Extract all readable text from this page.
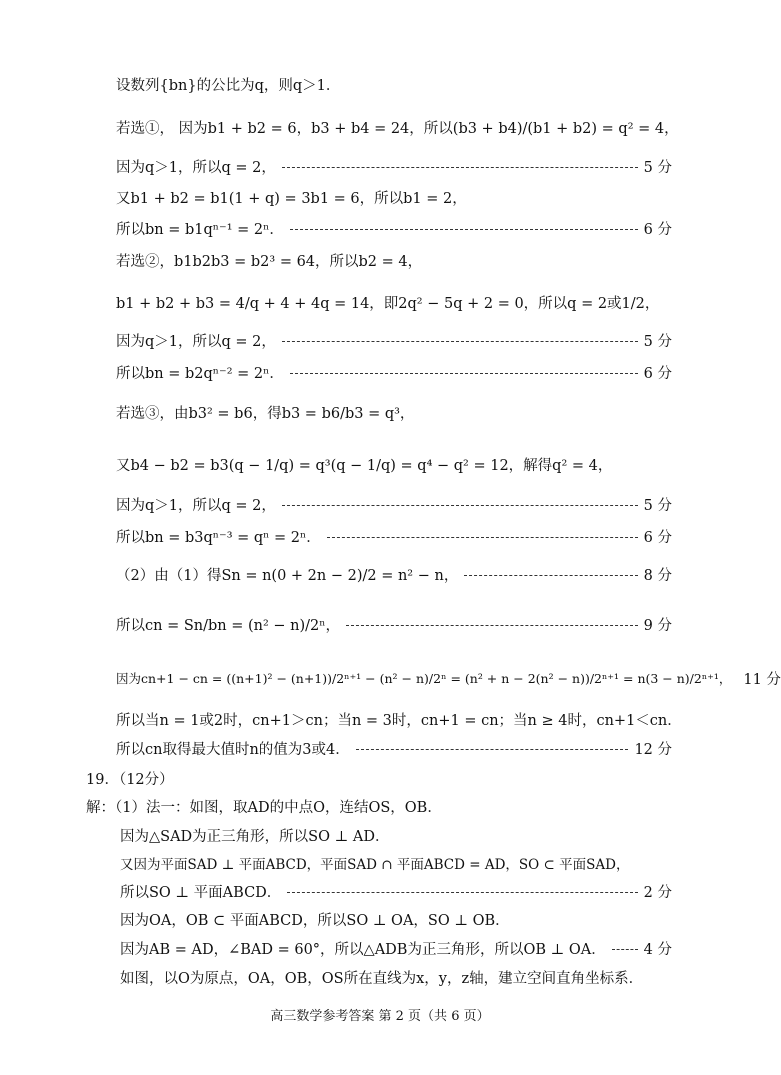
设数列{bn}的公比为q，则q＞1．
若选①， 因为b1 + b2 = 6，b3 + b4 = 24，所以(b3 + b4)/(b1 + b2) = q² = 4，
因为q＞1，所以q = 2，	5 分
又b1 + b2 = b1(1 + q) = 3b1 = 6，所以b1 = 2，
所以bn = b1qⁿ⁻¹ = 2ⁿ．	6 分
若选②，b1b2b3 = b2³ = 64，所以b2 = 4，
b1 + b2 + b3 = 4/q + 4 + 4q = 14，即2q² − 5q + 2 = 0，所以q = 2或1/2，
因为q＞1，所以q = 2，	5 分
所以bn = b2qⁿ⁻² = 2ⁿ．	6 分
若选③，由b3² = b6，得b3 = b6/b3 = q³，
又b4 − b2 = b3(q − 1/q) = q³(q − 1/q) = q⁴ − q² = 12，解得q² = 4，
因为q＞1，所以q = 2，	5 分
所以bn = b3qⁿ⁻³ = qⁿ = 2ⁿ．	6 分
（2）由（1）得Sn = n(0 + 2n − 2)/2 = n² − n，	8 分
所以cn = Sn/bn = (n² − n)/2ⁿ，	9 分
因为cn+1 − cn = ((n+1)² − (n+1))/2ⁿ⁺¹ − (n² − n)/2ⁿ = (n² + n − 2(n² − n))/2ⁿ⁺¹ = n(3 − n)/2ⁿ⁺¹， 11 分
所以当n = 1或2时，cn+1＞cn；当n = 3时，cn+1 = cn；当n ≥ 4时，cn+1＜cn．
所以cn取得最大值时n的值为3或4．	12 分
19．（12分）
解：（1）法一：如图，取AD的中点O，连结OS，OB．
因为△SAD为正三角形，所以SO ⊥ AD．
又因为平面SAD ⊥ 平面ABCD，平面SAD ∩ 平面ABCD = AD，SO ⊂ 平面SAD，
所以SO ⊥ 平面ABCD．	2 分
因为OA，OB ⊂ 平面ABCD，所以SO ⊥ OA，SO ⊥ OB．
因为AB = AD，∠BAD = 60°，所以△ADB为正三角形，所以OB ⊥ OA．	4 分
如图，以O为原点，OA，OB，OS所在直线为x，y，z轴，建立空间直角坐标系．
高三数学参考答案 第 2 页（共 6 页）
